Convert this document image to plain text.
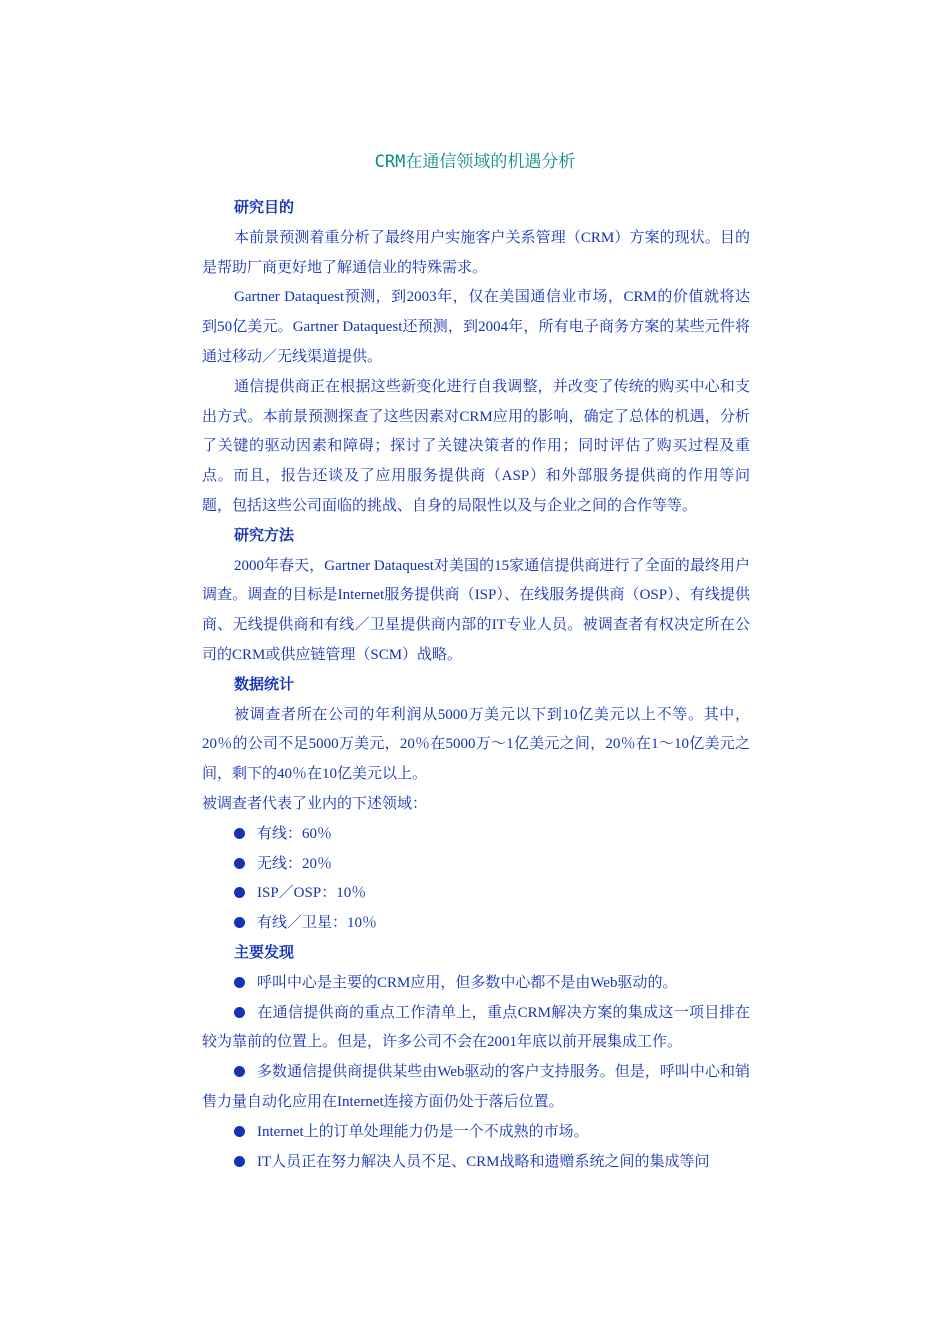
CRM在通信领域的机遇分析

研究目的

本前景预测着重分析了最终用户实施客户关系管理（CRM）方案的现状。目的是帮助厂商更好地了解通信业的特殊需求。

Gartner Dataquest预测，到2003年，仅在美国通信业市场，CRM的价值就将达到50亿美元。Gartner Dataquest还预测，到2004年，所有电子商务方案的某些元件将通过移动／无线渠道提供。

通信提供商正在根据这些新变化进行自我调整，并改变了传统的购买中心和支出方式。本前景预测探查了这些因素对CRM应用的影响，确定了总体的机遇，分析了关键的驱动因素和障碍；探讨了关键决策者的作用；同时评估了购买过程及重点。而且，报告还谈及了应用服务提供商（ASP）和外部服务提供商的作用等问题，包括这些公司面临的挑战、自身的局限性以及与企业之间的合作等等。

研究方法

2000年春天，Gartner Dataquest对美国的15家通信提供商进行了全面的最终用户调查。调查的目标是Internet服务提供商（ISP）、在线服务提供商（OSP）、有线提供商、无线提供商和有线／卫星提供商内部的IT专业人员。被调查者有权决定所在公司的CRM或供应链管理（SCM）战略。

数据统计

被调查者所在公司的年利润从5000万美元以下到10亿美元以上不等。其中，20％的公司不足5000万美元，20％在5000万～1亿美元之间，20％在1～10亿美元之间，剩下的40％在10亿美元以上。

被调查者代表了业内的下述领域：

有线：60％

无线：20％

ISP／OSP：10％

有线／卫星：10％

主要发现

呼叫中心是主要的CRM应用，但多数中心都不是由Web驱动的。

在通信提供商的重点工作清单上，重点CRM解决方案的集成这一项目排在较为靠前的位置上。但是，许多公司不会在2001年底以前开展集成工作。

多数通信提供商提供某些由Web驱动的客户支持服务。但是，呼叫中心和销售力量自动化应用在Internet连接方面仍处于落后位置。

Internet上的订单处理能力仍是一个不成熟的市场。

IT人员正在努力解决人员不足、CRM战略和遗赠系统之间的集成等问
